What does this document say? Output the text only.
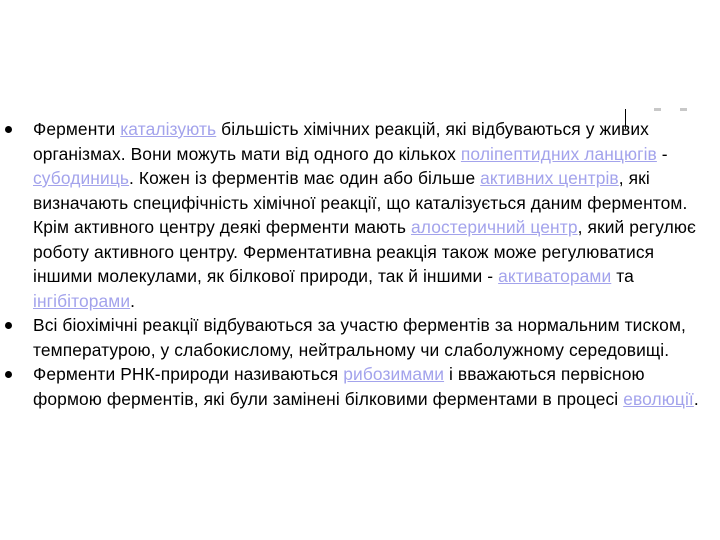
Ферменти каталізують більшість хімічних реакцій, які відбуваються у живих організмах. Вони можуть мати від одного до кількох поліпептидних ланцюгів - субодиниць. Кожен із ферментів має один або більше активних центрів, які визначають специфічність хімічної реакції, що каталізується даним ферментом. Крім активного центру деякі ферменти мають алостеричний центр, який регулює роботу активного центру. Ферментативна реакція також може регулюватися іншими молекулами, як білкової природи, так й іншими - активаторами та інгібіторами.
Всі біохімічні реакції відбуваються за участю ферментів за нормальним тиском, температурою, у слабокислому, нейтральному чи слаболужному середовищі.
Ферменти РНК-природи називаються рибозимами і вважаються первісною формою ферментів, які були замінені білковими ферментами в процесі еволюції.
